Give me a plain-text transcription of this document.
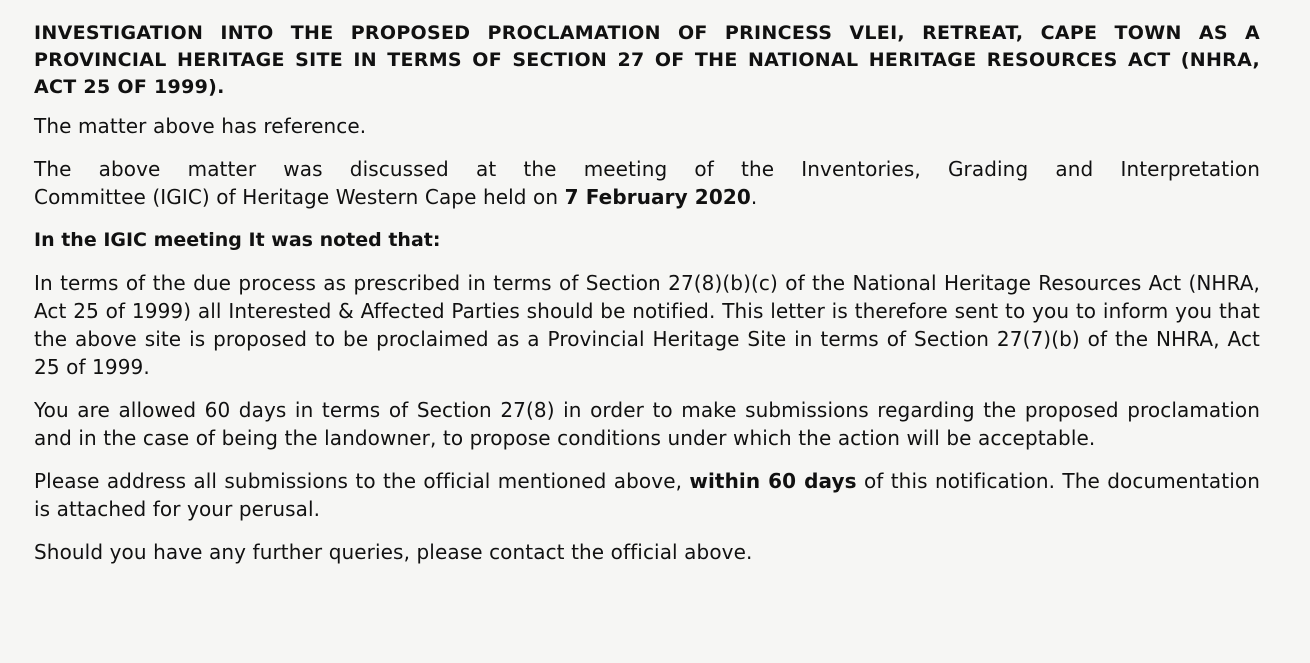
INVESTIGATION INTO THE PROPOSED PROCLAMATION OF PRINCESS VLEI, RETREAT, CAPE TOWN AS A PROVINCIAL HERITAGE SITE IN TERMS OF SECTION 27 OF THE NATIONAL HERITAGE RESOURCES ACT (NHRA, ACT 25 OF 1999).

The matter above has reference.

The above matter was discussed at the meeting of the Inventories, Grading and Interpretation
Committee (IGIC) of Heritage Western Cape held on 7 February 2020.

In the IGIC meeting It was noted that:

In terms of the due process as prescribed in terms of Section 27(8)(b)(c) of the National Heritage Resources Act (NHRA, Act 25 of 1999) all Interested & Affected Parties should be notified. This letter is therefore sent to you to inform you that the above site is proposed to be proclaimed as a Provincial Heritage Site in terms of Section 27(7)(b) of the NHRA, Act 25 of 1999.

You are allowed 60 days in terms of Section 27(8) in order to make submissions regarding the proposed proclamation and in the case of being the landowner, to propose conditions under which the action will be acceptable.

Please address all submissions to the official mentioned above, within 60 days of this notification. The documentation is attached for your perusal.

Should you have any further queries, please contact the official above.
